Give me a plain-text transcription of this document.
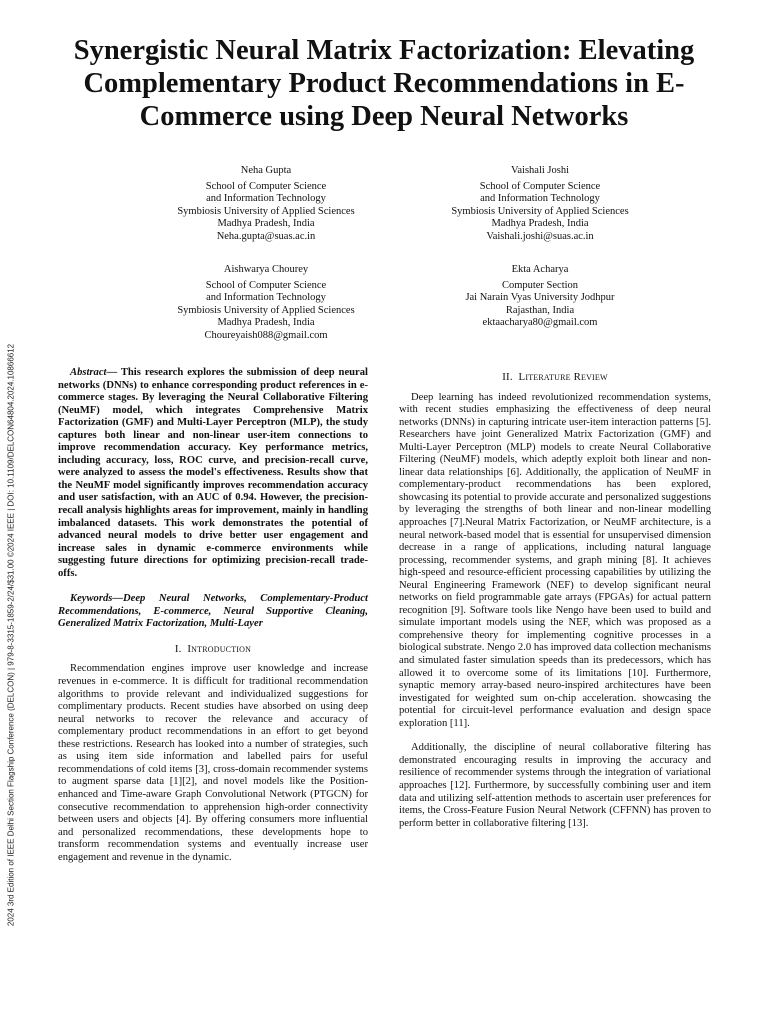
2024 3rd Edition of IEEE Delhi Section Flagship Conference (DELCON) | 979-8-3315-1859-2/24/$31.00 ©2024 IEEE | DOI: 10.1109/DELCON64804.2024.10866612
Synergistic Neural Matrix Factorization: Elevating Complementary Product Recommendations in E-Commerce using Deep Neural Networks
Neha Gupta
School of Computer Science
and Information Technology
Symbiosis University of Applied Sciences
Madhya Pradesh, India
Neha.gupta@suas.ac.in
Vaishali Joshi
School of Computer Science
and Information Technology
Symbiosis University of Applied Sciences
Madhya Pradesh, India
Vaishali.joshi@suas.ac.in
Aishwarya Chourey
School of Computer Science
and Information Technology
Symbiosis University of Applied Sciences
Madhya Pradesh, India
Choureyaish088@gmail.com
Ekta Acharya
Computer Section
Jai Narain Vyas University Jodhpur
Rajasthan, India
ektaacharya80@gmail.com

Abstract— This research explores the submission of deep neural networks (DNNs) to enhance corresponding product references in e-commerce stages. By leveraging the Neural Collaborative Filtering (NeuMF) model, which integrates Comprehensive Matrix Factorization (GMF) and Multi-Layer Perceptron (MLP), the study captures both linear and non-linear user-item connections to improve recommendation accuracy. Key performance metrics, including accuracy, loss, ROC curve, and precision-recall curve, were analyzed to assess the model's effectiveness. Results show that the NeuMF model significantly improves recommendation accuracy and user satisfaction, with an AUC of 0.94. However, the precision-recall analysis highlights areas for improvement, mainly in handling imbalanced datasets. This work demonstrates the potential of advanced neural models to drive better user engagement and increase sales in dynamic e-commerce environments while suggesting future directions for optimizing precision-recall trade-offs.

Keywords—Deep Neural Networks, Complementary-Product Recommendations, E-commerce, Neural Supportive Cleaning, Generalized Matrix Factorization, Multi-Layer

I. Introduction

Recommendation engines improve user knowledge and increase revenues in e-commerce. It is difficult for traditional recommendation algorithms to provide relevant and individualized suggestions for complimentary products. Recent studies have absorbed on using deep neural networks to recover the relevance and accuracy of complementary product recommendations in an effort to get beyond these restrictions. Research has looked into a number of strategies, such as using item side information and labelled pairs for useful recommendations of cold items [3], cross-domain recommender systems to augment sparse data [1][2], and novel models like the Position-enhanced and Time-aware Graph Convolutional Network (PTGCN) for consecutive recommendation to apprehension high-order connectivity between users and objects [4]. By offering consumers more influential and personalized recommendations, these developments hope to transform recommendation systems and eventually increase user engagement and revenue in the dynamic.

II. Literature Review

Deep learning has indeed revolutionized recommendation systems, with recent studies emphasizing the effectiveness of deep neural networks (DNNs) in capturing intricate user-item interaction patterns [5]. Researchers have joint Generalized Matrix Factorization (GMF) and Multi-Layer Perceptron (MLP) models to create Neural Collaborative Filtering (NeuMF) models, which adeptly exploit both linear and non-linear data relationships [6]. Additionally, the application of NeuMF in complementary-product recommendations has been explored, showcasing its potential to provide accurate and personalized suggestions by leveraging the strengths of both linear and non-linear modelling approaches [7].Neural Matrix Factorization, or NeuMF architecture, is a neural network-based model that is essential for unsupervised dimension decrease in a range of applications, including natural language processing, recommender systems, and graph mining [8]. It achieves high-speed and resource-efficient processing capabilities by utilizing the Neural Engineering Framework (NEF) to develop significant neural networks on field programmable gate arrays (FPGAs) for actual pattern recognition [9]. Software tools like Nengo have been used to build and simulate important models using the NEF, which was proposed as a comprehensive theory for implementing cognitive processes in a biological substrate. Nengo 2.0 has improved data collection mechanisms and simulated faster simulation speeds than its predecessors, which has allowed it to overcome some of its limitations [10]. Furthermore, synaptic memory array-based neuro-inspired architectures have been investigated for weighted sum on-chip acceleration. showcasing the potential for circuit-level performance evaluation and design space exploration [11].

Additionally, the discipline of neural collaborative filtering has demonstrated encouraging results in improving the accuracy and resilience of recommender systems through the integration of variational approaches [12]. Furthermore, by successfully combining user and item data and utilizing self-attention methods to ascertain user preferences for items, the Cross-Feature Fusion Neural Network (CFFNN) has proven to perform better in collaborative filtering [13].
